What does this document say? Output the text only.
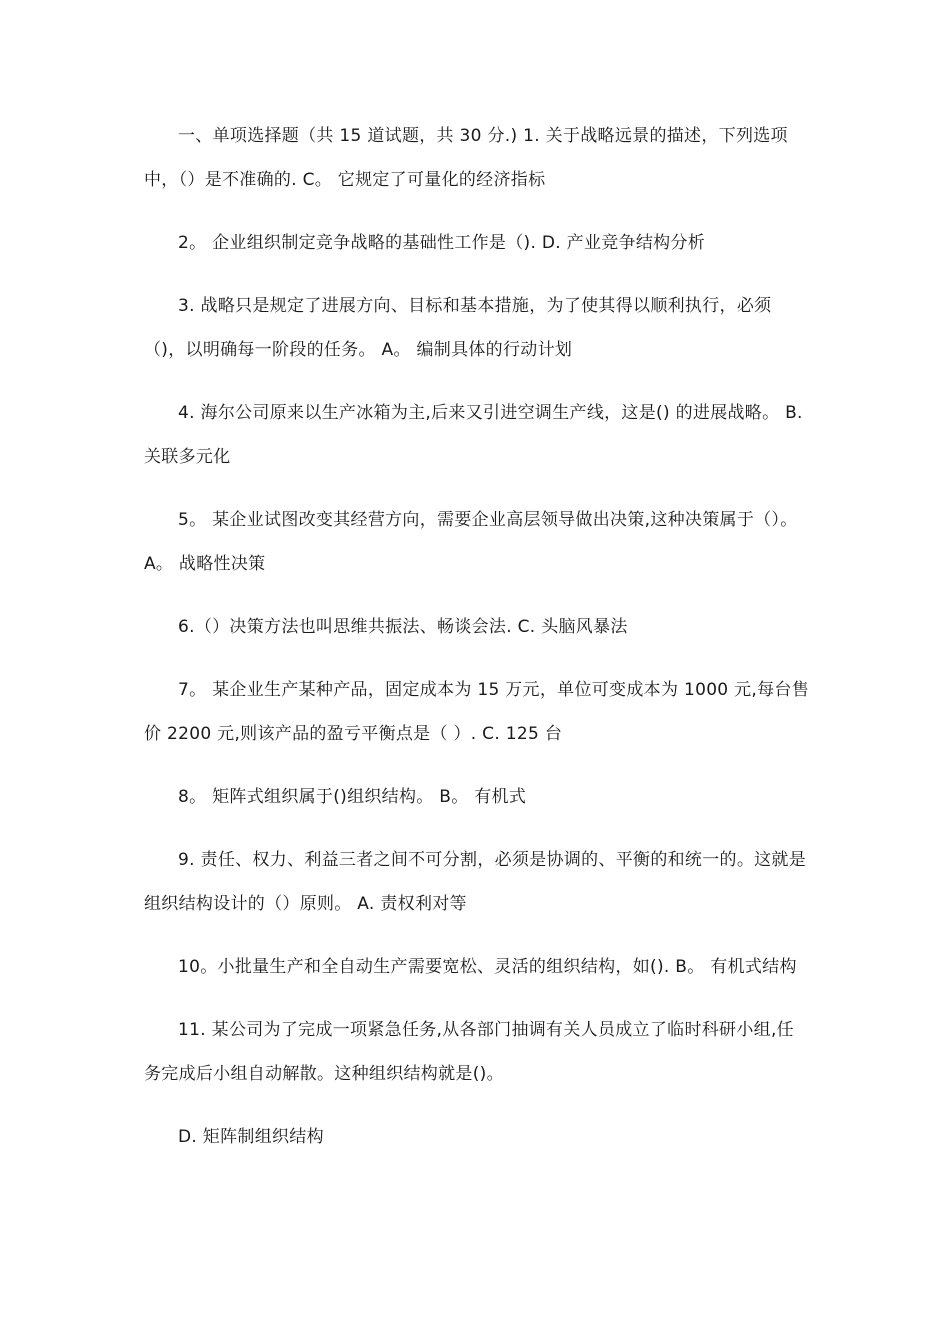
一、单项选择题（共 15 道试题，共 30 分.) 1. 关于战略远景的描述，下列选项中，（）是不准确的. C。 它规定了可量化的经济指标

2。 企业组织制定竞争战略的基础性工作是（). D. 产业竞争结构分析

3. 战略只是规定了进展方向、目标和基本措施，为了使其得以顺利执行，必须（)，以明确每一阶段的任务。 A。 编制具体的行动计划

4. 海尔公司原来以生产冰箱为主,后来又引进空调生产线，这是() 的进展战略。 B. 关联多元化

5。 某企业试图改变其经营方向，需要企业高层领导做出决策,这种决策属于（）。 A。 战略性决策

6.（）决策方法也叫思维共振法、畅谈会法. C. 头脑风暴法

7。 某企业生产某种产品，固定成本为 15 万元，单位可变成本为 1000 元,每台售价 2200 元,则该产品的盈亏平衡点是（ ）. C. 125 台

8。 矩阵式组织属于()组织结构。 B。 有机式

9. 责任、权力、利益三者之间不可分割，必须是协调的、平衡的和统一的。这就是组织结构设计的（）原则。 A. 责权利对等

10。小批量生产和全自动生产需要宽松、灵活的组织结构，如(). B。 有机式结构

11. 某公司为了完成一项紧急任务,从各部门抽调有关人员成立了临时科研小组,任务完成后小组自动解散。这种组织结构就是()。

D. 矩阵制组织结构
